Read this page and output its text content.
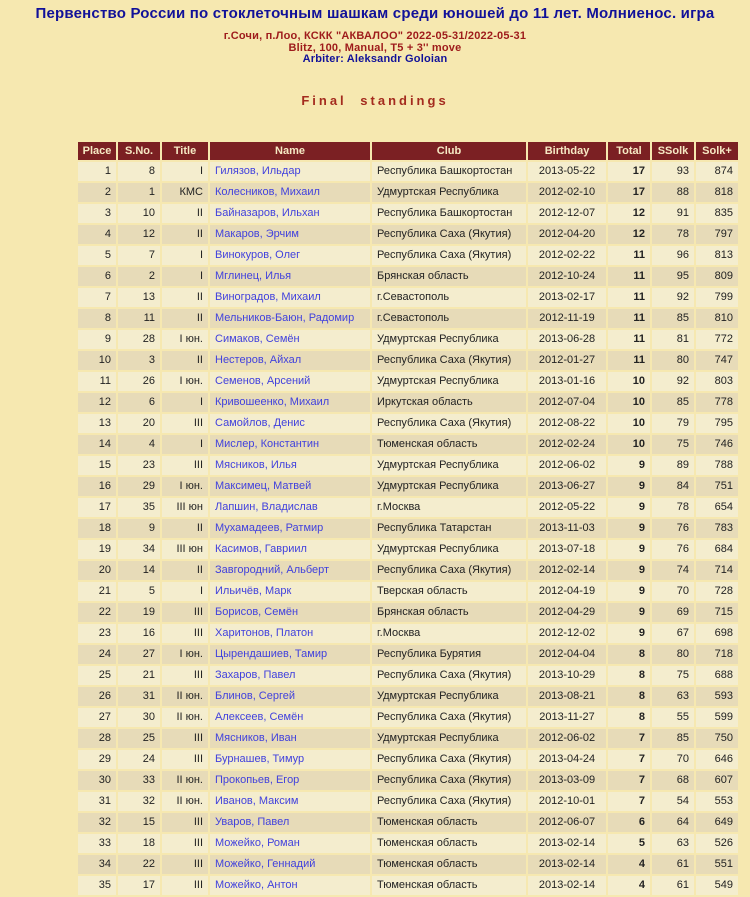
Первенство России по стоклеточным шашкам среди юношей до 11 лет. Молниенос. игра
г.Сочи, п.Лоо, КСКК "АКВАЛОО" 2022-05-31/2022-05-31
Blitz, 100, Manual, T5 + 3'' move
Arbiter: Aleksandr Goloian
Final standings
Place	S.No.	Title	Name	Club	Birthday	Total	SSolk	Solk+
1	8	I	Гилязов, Ильдар	Республика Башкортостан	2013-05-22	17	93	874
2	1	КМС	Колесников, Михаил	Удмуртская Республика	2012-02-10	17	88	818
3	10	II	Байназаров, Ильхан	Республика Башкортостан	2012-12-07	12	91	835
4	12	II	Макаров, Эрчим	Республика Саха (Якутия)	2012-04-20	12	78	797
5	7	I	Винокуров, Олег	Республика Саха (Якутия)	2012-02-22	11	96	813
6	2	I	Мглинец, Илья	Брянская область	2012-10-24	11	95	809
7	13	II	Виноградов, Михаил	г.Севастополь	2013-02-17	11	92	799
8	11	II	Мельников-Баюн, Радомир	г.Севастополь	2012-11-19	11	85	810
9	28	I юн.	Симаков, Семён	Удмуртская Республика	2013-06-28	11	81	772
10	3	II	Нестеров, Айхал	Республика Саха (Якутия)	2012-01-27	11	80	747
11	26	I юн.	Семенов, Арсений	Удмуртская Республика	2013-01-16	10	92	803
12	6	I	Кривошеенко, Михаил	Иркутская область	2012-07-04	10	85	778
13	20	III	Самойлов, Денис	Республика Саха (Якутия)	2012-08-22	10	79	795
14	4	I	Мислер, Константин	Тюменская область	2012-02-24	10	75	746
15	23	III	Мясников, Илья	Удмуртская Республика	2012-06-02	9	89	788
16	29	I юн.	Максимец, Матвей	Удмуртская Республика	2013-06-27	9	84	751
17	35	III юн	Лапшин, Владислав	г.Москва	2012-05-22	9	78	654
18	9	II	Мухамадеев, Ратмир	Республика Татарстан	2013-11-03	9	76	783
19	34	III юн	Касимов, Гавриил	Удмуртская Республика	2013-07-18	9	76	684
20	14	II	Завгородний, Альберт	Республика Саха (Якутия)	2012-02-14	9	74	714
21	5	I	Ильичёв, Марк	Тверская область	2012-04-19	9	70	728
22	19	III	Борисов, Семён	Брянская область	2012-04-29	9	69	715
23	16	III	Харитонов, Платон	г.Москва	2012-12-02	9	67	698
24	27	I юн.	Цырендашиев, Тамир	Республика Бурятия	2012-04-04	8	80	718
25	21	III	Захаров, Павел	Республика Саха (Якутия)	2013-10-29	8	75	688
26	31	II юн.	Блинов, Сергей	Удмуртская Республика	2013-08-21	8	63	593
27	30	II юн.	Алексеев, Семён	Республика Саха (Якутия)	2013-11-27	8	55	599
28	25	III	Мясников, Иван	Удмуртская Республика	2012-06-02	7	85	750
29	24	III	Бурнашев, Тимур	Республика Саха (Якутия)	2013-04-24	7	70	646
30	33	II юн.	Прокопьев, Егор	Республика Саха (Якутия)	2013-03-09	7	68	607
31	32	II юн.	Иванов, Максим	Республика Саха (Якутия)	2012-10-01	7	54	553
32	15	III	Уваров, Павел	Тюменская область	2012-06-07	6	64	649
33	18	III	Можейко, Роман	Тюменская область	2013-02-14	5	63	526
34	22	III	Можейко, Геннадий	Тюменская область	2013-02-14	4	61	551
35	17	III	Можейко, Антон	Тюменская область	2013-02-14	4	61	549
